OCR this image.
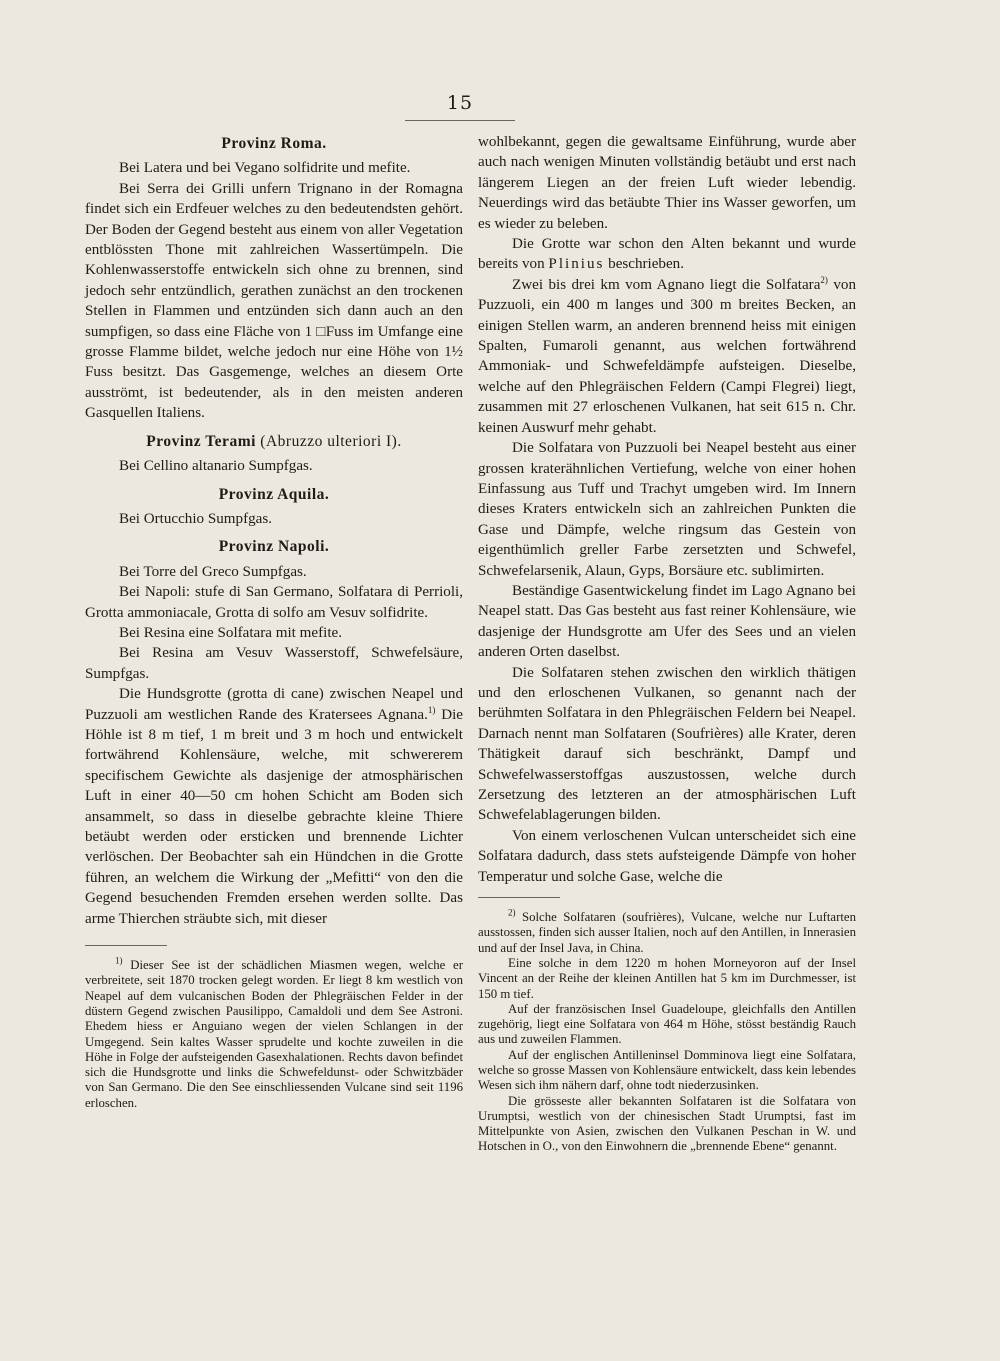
15
Provinz Roma.

Bei Latera und bei Vegano solfidrite und mefite.

Bei Serra dei Grilli unfern Trignano in der Romagna findet sich ein Erdfeuer welches zu den bedeutendsten gehört. Der Boden der Gegend besteht aus einem von aller Vegetation entblössten Thone mit zahlreichen Wassertümpeln. Die Kohlenwasserstoffe entwickeln sich ohne zu brennen, sind jedoch sehr entzündlich, gerathen zunächst an den trockenen Stellen in Flammen und entzünden sich dann auch an den sumpfigen, so dass eine Fläche von 1 □Fuss im Umfange eine grosse Flamme bildet, welche jedoch nur eine Höhe von 1½ Fuss besitzt. Das Gasgemenge, welches an diesem Orte ausströmt, ist bedeutender, als in den meisten anderen Gasquellen Italiens.

Provinz Terami (Abruzzo ulteriori I).

Bei Cellino altanario Sumpfgas.

Provinz Aquila.

Bei Ortucchio Sumpfgas.

Provinz Napoli.

Bei Torre del Greco Sumpfgas.

Bei Napoli: stufe di San Germano, Solfatara di Perrioli, Grotta ammoniacale, Grotta di solfo am Vesuv solfidrite.

Bei Resina eine Solfatara mit mefite.

Bei Resina am Vesuv Wasserstoff, Schwefelsäure, Sumpfgas.

Die Hundsgrotte (grotta di cane) zwischen Neapel und Puzzuoli am westlichen Rande des Kratersees Agnana.$^{1)}$ Die Höhle ist 8 m tief, 1 m breit und 3 m hoch und entwickelt fortwährend Kohlensäure, welche, mit schwererem specifischem Gewichte als dasjenige der atmosphärischen Luft in einer 40—50 cm hohen Schicht am Boden sich ansammelt, so dass in dieselbe gebrachte kleine Thiere betäubt werden oder ersticken und brennende Lichter verlöschen. Der Beobachter sah ein Hündchen in die Grotte führen, an welchem die Wirkung der „Mefitti“ von den die Gegend besuchenden Fremden ersehen werden sollte. Das arme Thierchen sträubte sich, mit dieser

$^{1)}$ Dieser See ist der schädlichen Miasmen wegen, welche er verbreitete, seit 1870 trocken gelegt worden. Er liegt 8 km westlich von Neapel auf dem vulcanischen Boden der Phlegräischen Felder in der düstern Gegend zwischen Pausilippo, Camaldoli und dem See Astroni. Ehedem hiess er Anguiano wegen der vielen Schlangen in der Umgegend. Sein kaltes Wasser sprudelte und kochte zuweilen in die Höhe in Folge der aufsteigenden Gasexhalationen. Rechts davon befindet sich die Hundsgrotte und links die Schwefeldunst- oder Schwitzbäder von San Germano. Die den See einschliessenden Vulcane sind seit 1196 erloschen.

wohlbekannt, gegen die gewaltsame Einführung, wurde aber auch nach wenigen Minuten vollständig betäubt und erst nach längerem Liegen an der freien Luft wieder lebendig. Neuerdings wird das betäubte Thier ins Wasser geworfen, um es wieder zu beleben.

Die Grotte war schon den Alten bekannt und wurde bereits von Plinius beschrieben.

Zwei bis drei km vom Agnano liegt die Solfatara$^{2)}$ von Puzzuoli, ein 400 m langes und 300 m breites Becken, an einigen Stellen warm, an anderen brennend heiss mit einigen Spalten, Fumaroli genannt, aus welchen fortwährend Ammoniak- und Schwefeldämpfe aufsteigen. Dieselbe, welche auf den Phlegräischen Feldern (Campi Flegrei) liegt, zusammen mit 27 erloschenen Vulkanen, hat seit 615 n. Chr. keinen Auswurf mehr gehabt.

Die Solfatara von Puzzuoli bei Neapel besteht aus einer grossen kraterähnlichen Vertiefung, welche von einer hohen Einfassung aus Tuff und Trachyt umgeben wird. Im Innern dieses Kraters entwickeln sich an zahlreichen Punkten die Gase und Dämpfe, welche ringsum das Gestein von eigenthümlich greller Farbe zersetzten und Schwefel, Schwefelarsenik, Alaun, Gyps, Borsäure etc. sublimirten.

Beständige Gasentwickelung findet im Lago Agnano bei Neapel statt. Das Gas besteht aus fast reiner Kohlensäure, wie dasjenige der Hundsgrotte am Ufer des Sees und an vielen anderen Orten daselbst.

Die Solfataren stehen zwischen den wirklich thätigen und den erloschenen Vulkanen, so genannt nach der berühmten Solfatara in den Phlegräischen Feldern bei Neapel. Darnach nennt man Solfataren (Soufrières) alle Krater, deren Thätigkeit darauf sich beschränkt, Dampf und Schwefelwasserstoffgas auszustossen, welche durch Zersetzung des letzteren an der atmosphärischen Luft Schwefelablagerungen bilden.

Von einem verloschenen Vulcan unterscheidet sich eine Solfatara dadurch, dass stets aufsteigende Dämpfe von hoher Temperatur und solche Gase, welche die

$^{2)}$ Solche Solfataren (soufrières), Vulcane, welche nur Luftarten ausstossen, finden sich ausser Italien, noch auf den Antillen, in Innerasien und auf der Insel Java, in China.

Eine solche in dem 1220 m hohen Morneyoron auf der Insel Vincent an der Reihe der kleinen Antillen hat 5 km im Durchmesser, ist 150 m tief.

Auf der französischen Insel Guadeloupe, gleichfalls den Antillen zugehörig, liegt eine Solfatara von 464 m Höhe, stösst beständig Rauch aus und zuweilen Flammen.

Auf der englischen Antilleninsel Domminova liegt eine Solfatara, welche so grosse Massen von Kohlensäure entwickelt, dass kein lebendes Wesen sich ihm nähern darf, ohne todt niederzusinken.

Die grösseste aller bekannten Solfataren ist die Solfatara von Urumptsi, westlich von der chinesischen Stadt Urumptsi, fast im Mittelpunkte von Asien, zwischen den Vulkanen Peschan in W. und Hotschen in O., von den Einwohnern die „brennende Ebene“ genannt.
